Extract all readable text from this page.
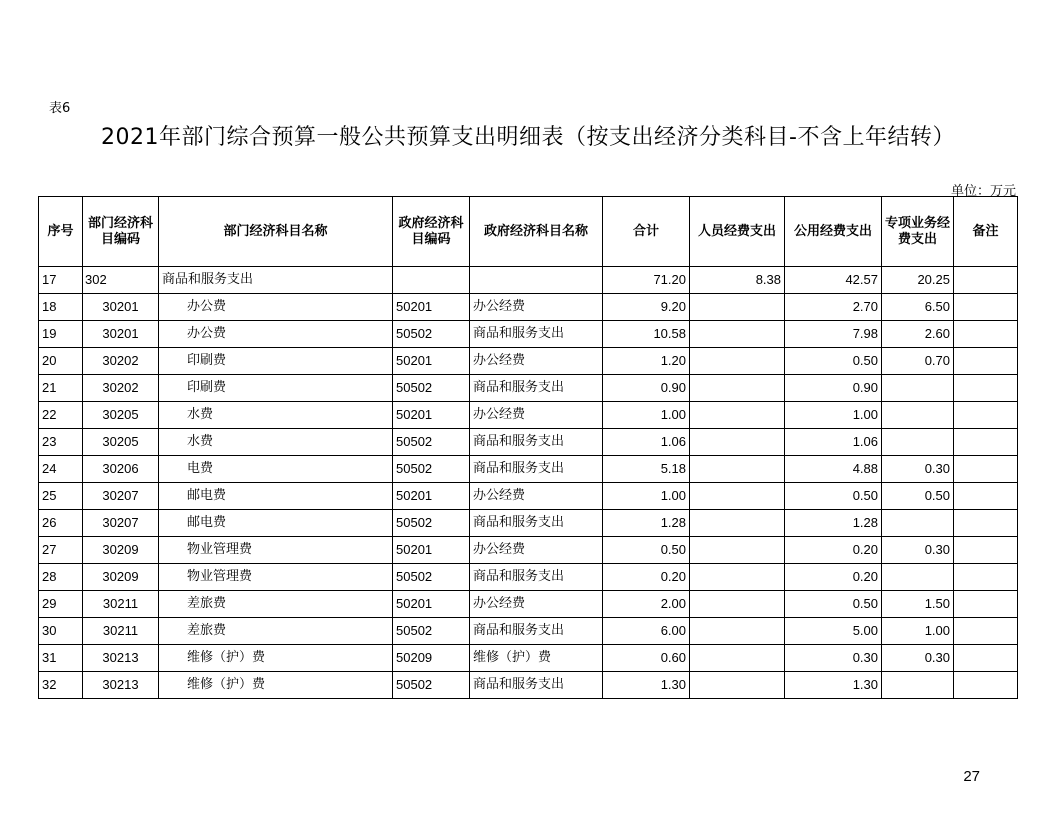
表6
2021年部门综合预算一般公共预算支出明细表（按支出经济分类科目-不含上年结转）
单位：万元
序号	部门经济科目编码	部门经济科目名称	政府经济科目编码	政府经济科目名称	合计	人员经费支出	公用经费支出	专项业务经费支出	备注
17	302	商品和服务支出			71.20	8.38	42.57	20.25	
18	30201	办公费	50201	办公经费	9.20		2.70	6.50	
19	30201	办公费	50502	商品和服务支出	10.58		7.98	2.60	
20	30202	印刷费	50201	办公经费	1.20		0.50	0.70	
21	30202	印刷费	50502	商品和服务支出	0.90		0.90		
22	30205	水费	50201	办公经费	1.00		1.00		
23	30205	水费	50502	商品和服务支出	1.06		1.06		
24	30206	电费	50502	商品和服务支出	5.18		4.88	0.30	
25	30207	邮电费	50201	办公经费	1.00		0.50	0.50	
26	30207	邮电费	50502	商品和服务支出	1.28		1.28		
27	30209	物业管理费	50201	办公经费	0.50		0.20	0.30	
28	30209	物业管理费	50502	商品和服务支出	0.20		0.20		
29	30211	差旅费	50201	办公经费	2.00		0.50	1.50	
30	30211	差旅费	50502	商品和服务支出	6.00		5.00	1.00	
31	30213	维修（护）费	50209	维修（护）费	0.60		0.30	0.30	
32	30213	维修（护）费	50502	商品和服务支出	1.30		1.30		
27
